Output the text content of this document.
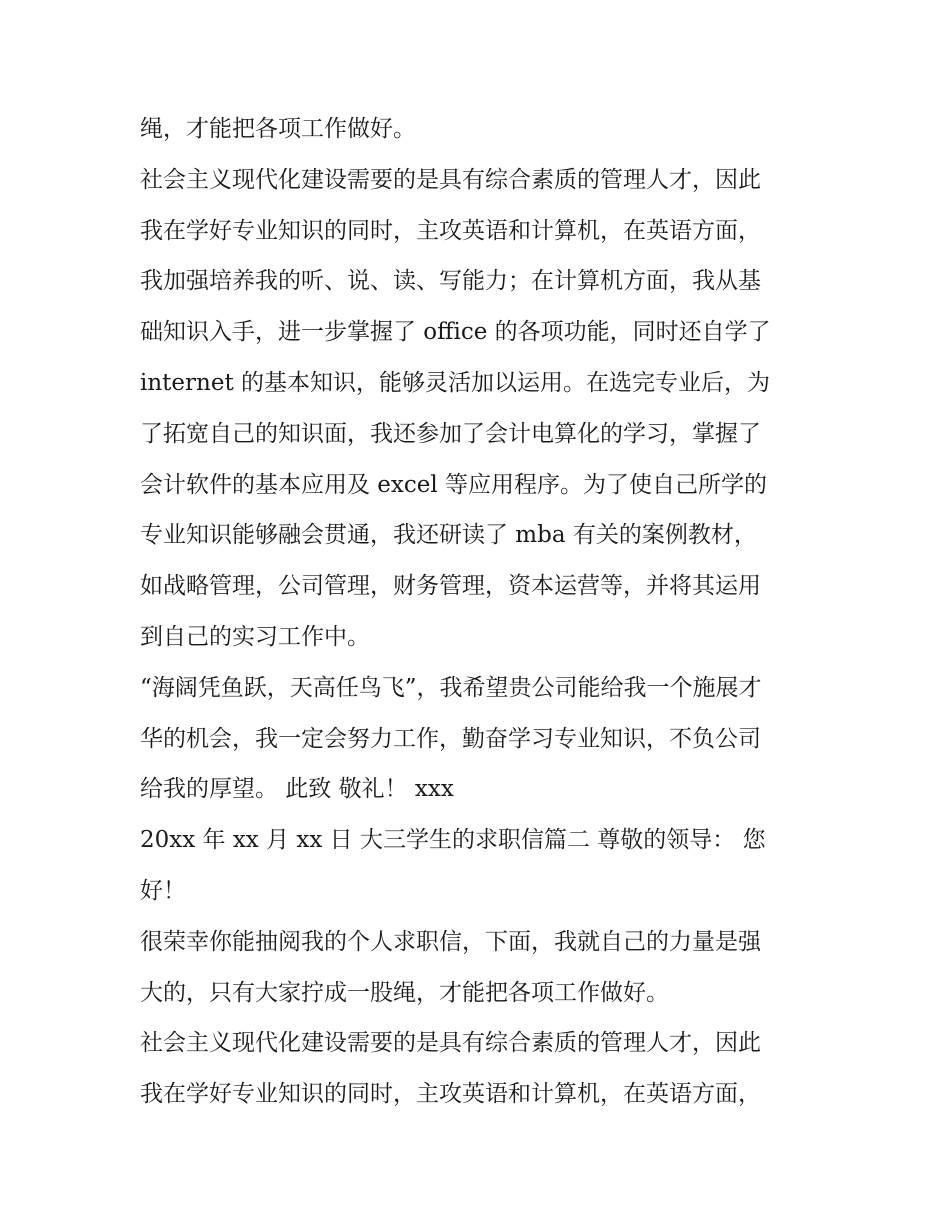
绳，才能把各项工作做好。
社会主义现代化建设需要的是具有综合素质的管理人才，因此
我在学好专业知识的同时，主攻英语和计算机，在英语方面，
我加强培养我的听、说、读、写能力；在计算机方面，我从基
础知识入手，进一步掌握了 office 的各项功能，同时还自学了
internet 的基本知识，能够灵活加以运用。在选完专业后，为
了拓宽自己的知识面，我还参加了会计电算化的学习，掌握了
会计软件的基本应用及 excel 等应用程序。为了使自己所学的
专业知识能够融会贯通，我还研读了 mba 有关的案例教材，
如战略管理，公司管理，财务管理，资本运营等，并将其运用
到自己的实习工作中。
“海阔凭鱼跃，天高任鸟飞”，我希望贵公司能给我一个施展才
华的机会，我一定会努力工作，勤奋学习专业知识，不负公司
给我的厚望。 此致 敬礼！ xxx
20xx 年 xx 月 xx 日 大三学生的求职信篇二 尊敬的领导： 您
好！
很荣幸你能抽阅我的个人求职信，下面，我就自己的力量是强
大的，只有大家拧成一股绳，才能把各项工作做好。
社会主义现代化建设需要的是具有综合素质的管理人才，因此
我在学好专业知识的同时，主攻英语和计算机，在英语方面，
